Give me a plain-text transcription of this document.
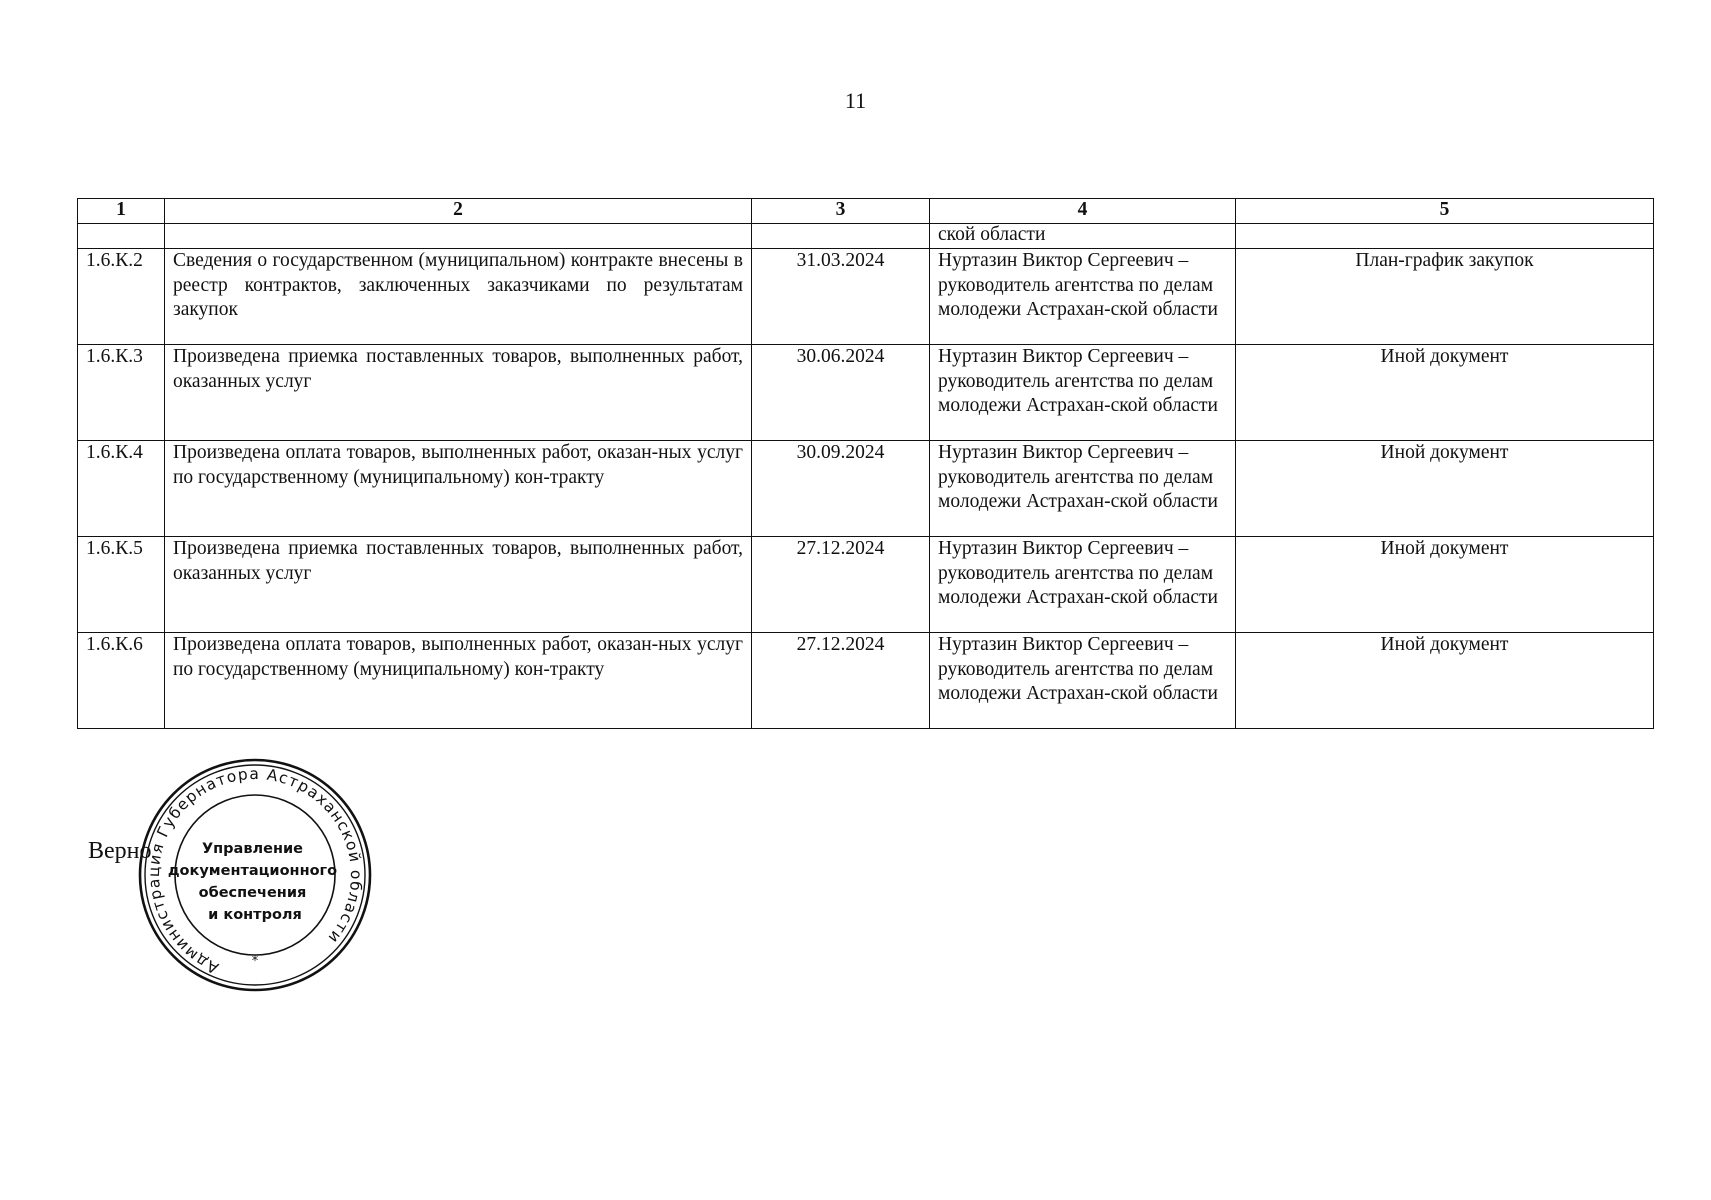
11
1	2	3	4	5
			ской области	
1.6.К.2	Сведения о государственном (муниципальном) контракте внесены в реестр контрактов, заключенных заказчиками по результатам закупок	31.03.2024	Нуртазин Виктор Сергеевич – руководитель агентства по делам молодежи Астрахан-ской области	План-график закупок
1.6.К.3	Произведена приемка поставленных товаров, выполненных работ, оказанных услуг	30.06.2024	Нуртазин Виктор Сергеевич – руководитель агентства по делам молодежи Астрахан-ской области	Иной документ
1.6.К.4	Произведена оплата товаров, выполненных работ, оказан-ных услуг по государственному (муниципальному) кон-тракту	30.09.2024	Нуртазин Виктор Сергеевич – руководитель агентства по делам молодежи Астрахан-ской области	Иной документ
1.6.К.5	Произведена приемка поставленных товаров, выполненных работ, оказанных услуг	27.12.2024	Нуртазин Виктор Сергеевич – руководитель агентства по делам молодежи Астрахан-ской области	Иной документ
1.6.К.6	Произведена оплата товаров, выполненных работ, оказан-ных услуг по государственному (муниципальному) кон-тракту	27.12.2024	Нуртазин Виктор Сергеевич – руководитель агентства по делам молодежи Астрахан-ской области	Иной документ
Верно
Администрация Губернатора Астраханской области
*
Управление документационного обеспечения и контроля
